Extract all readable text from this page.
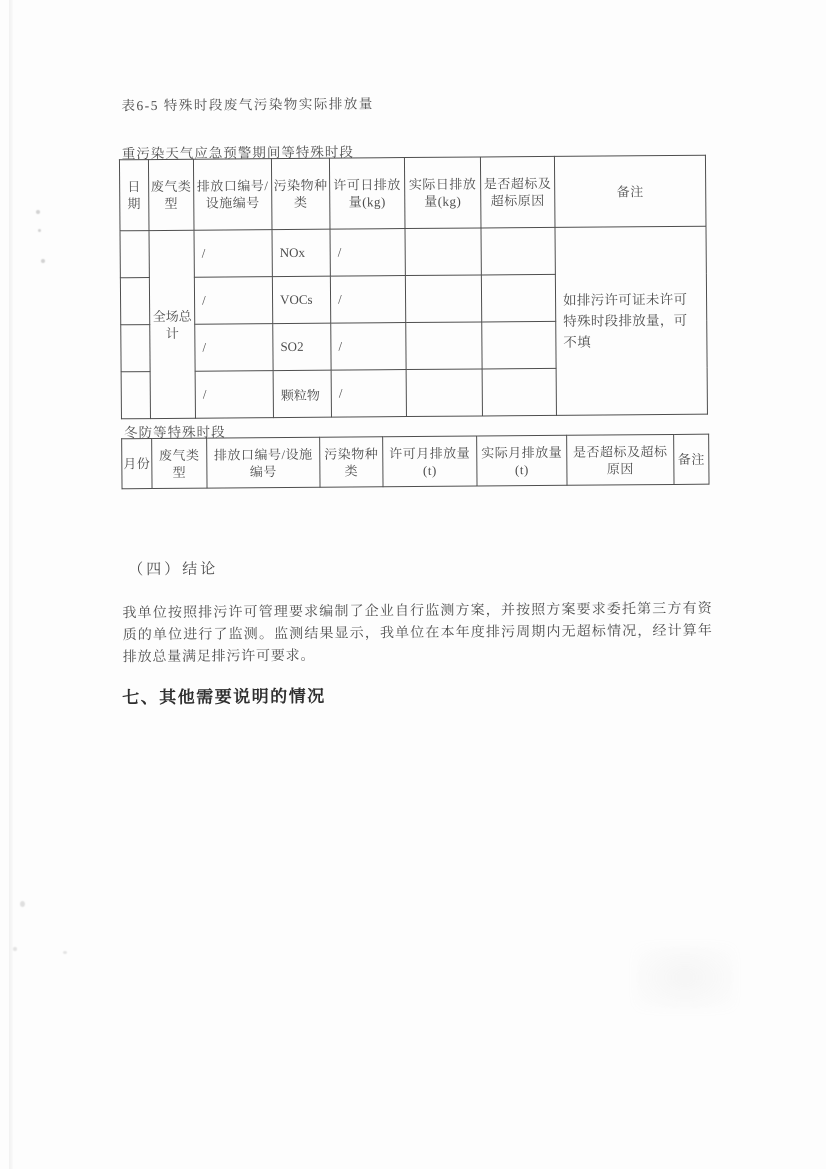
表6-5 特殊时段废气污染物实际排放量
重污染天气应急预警期间等特殊时段
日期	废气类型	排放口编号/设施编号	污染物种类	许可日排放量(kg)	实际日排放量(kg)	是否超标及超标原因	备注
	全场总计	/	NOx	/			如排污许可证未许可特殊时段排放量，可不填
		/	VOCs	/			
		/	SO2	/			
		/	颗粒物	/			
冬防等特殊时段
月份	废气类型	排放口编号/设施编号	污染物种类	许可月排放量(t)	实际月排放量(t)	是否超标及超标原因	备注
（四）结论
我单位按照排污许可管理要求编制了企业自行监测方案，并按照方案要求委托第三方有资质的单位进行了监测。监测结果显示，我单位在本年度排污周期内无超标情况，经计算年排放总量满足排污许可要求。
七、其他需要说明的情况
